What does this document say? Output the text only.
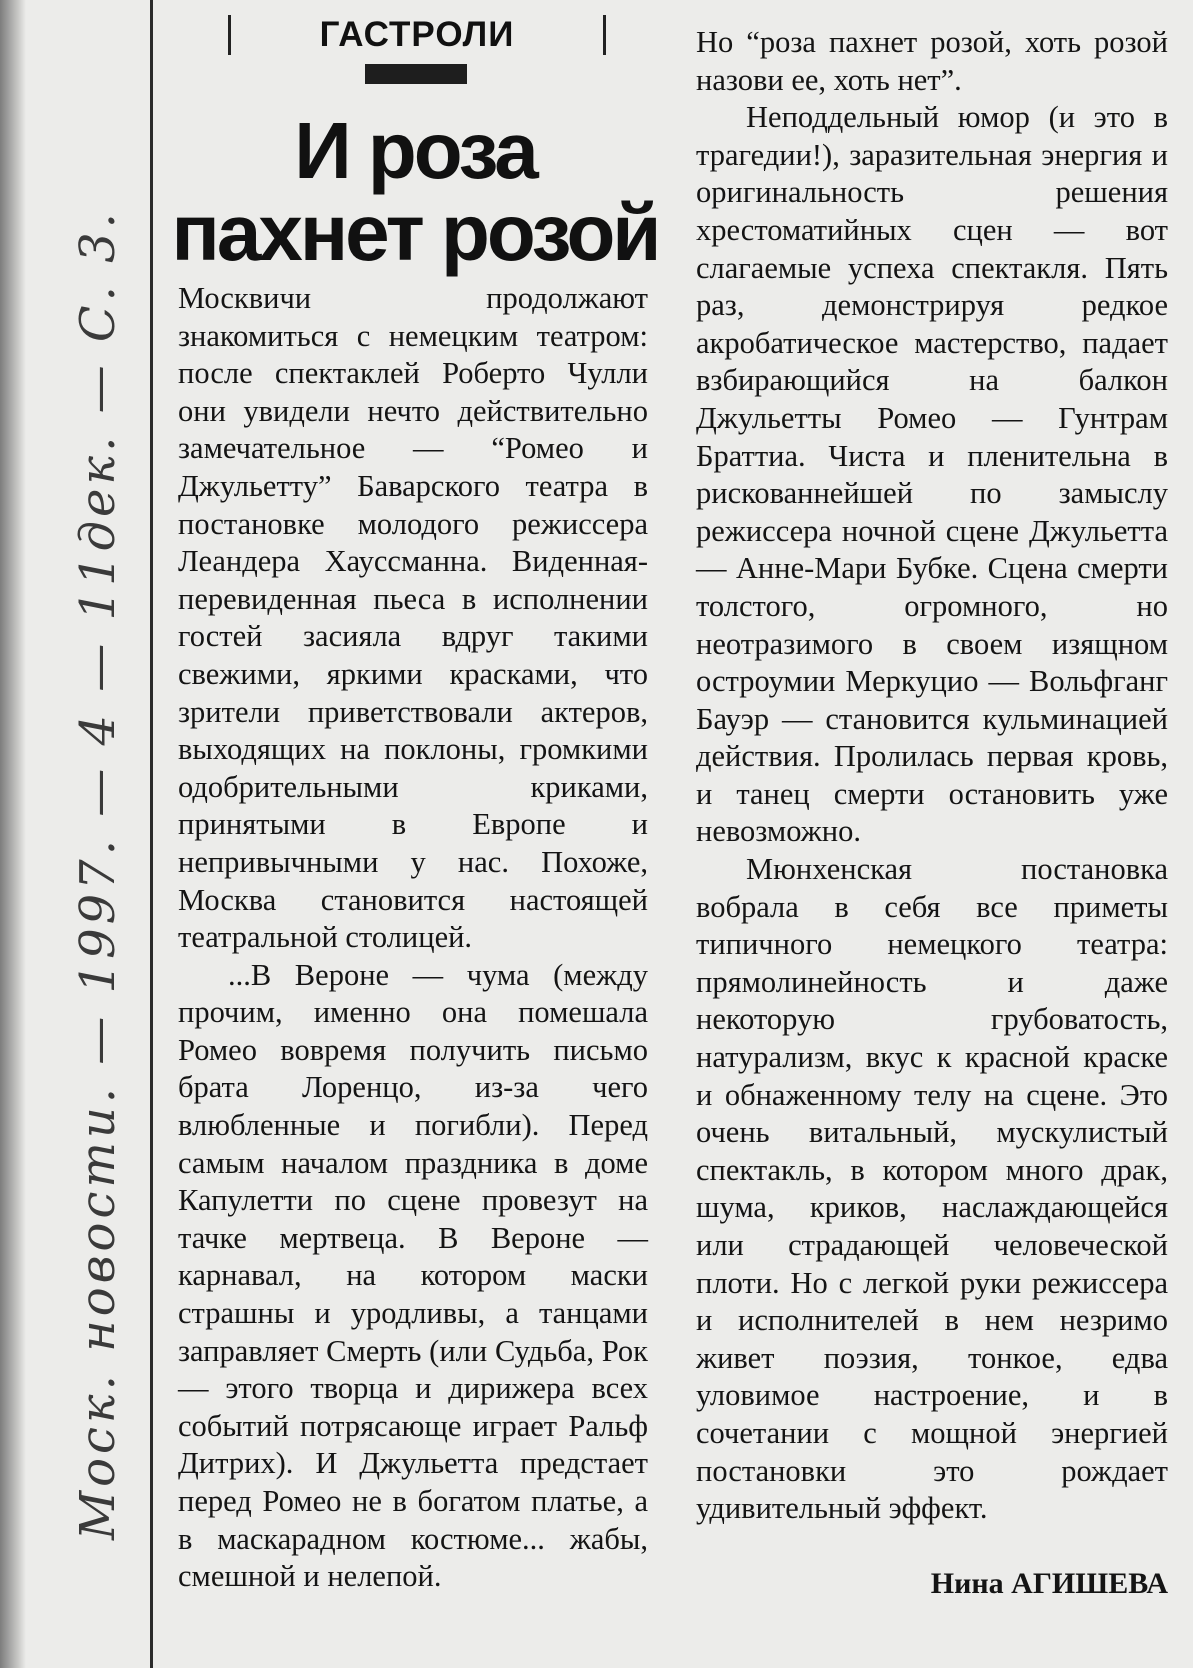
Моск. новости. — 1997. — 4 — 11дек. — С. 3.
ГАСТРОЛИ
И роза
пахнет розой

Москвичи продолжают знакомиться с немецким театром: после спектаклей Роберто Чулли они увидели нечто действительно замечательное — “Ромео и Джульетту” Баварского театра в постановке молодого режиссера Леандера Хауссманна. Виденная-перевиденная пьеса в исполнении гостей засияла вдруг такими свежими, яркими красками, что зрители приветствовали актеров, выходящих на поклоны, громкими одобрительными криками, принятыми в Европе и непривычными у нас. Похоже, Москва становится настоящей театральной столицей.

...В Вероне — чума (между прочим, именно она помешала Ромео вовремя получить письмо брата Лоренцо, из-за чего влюбленные и погибли). Перед самым началом праздника в доме Капулетти по сцене провезут на тачке мертвеца. В Вероне — карнавал, на котором маски страшны и уродливы, а танцами заправляет Смерть (или Судьба, Рок — этого творца и дирижера всех событий потрясающе играет Ральф Дитрих). И Джульетта предстает перед Ромео не в богатом платье, а в маскарадном костюме... жабы, смешной и нелепой.

Но “роза пахнет розой, хоть розой назови ее, хоть нет”.

Неподдельный юмор (и это в трагедии!), заразительная энергия и оригинальность решения хрестоматийных сцен — вот слагаемые успеха спектакля. Пять раз, демонстрируя редкое акробатическое мастерство, падает взбирающийся на балкон Джульетты Ромео — Гунтрам Браттиа. Чиста и пленительна в рискованнейшей по замыслу режиссера ночной сцене Джульетта — Анне-Мари Бубке. Сцена смерти толстого, огромного, но неотразимого в своем изящном остроумии Меркуцио — Вольфганг Бауэр — становится кульминацией действия. Пролилась первая кровь, и танец смерти остановить уже невозможно.

Мюнхенская постановка вобрала в себя все приметы типичного немецкого театра: прямолинейность и даже некоторую грубоватость, натурализм, вкус к красной краске и обнаженному телу на сцене. Это очень витальный, мускулистый спектакль, в котором много драк, шума, криков, наслаждающейся или страдающей человеческой плоти. Но с легкой руки режиссера и исполнителей в нем незримо живет поэзия, тонкое, едва уловимое настроение, и в сочетании с мощной энергией постановки это рождает удивительный эффект.

Нина АГИШЕВА
